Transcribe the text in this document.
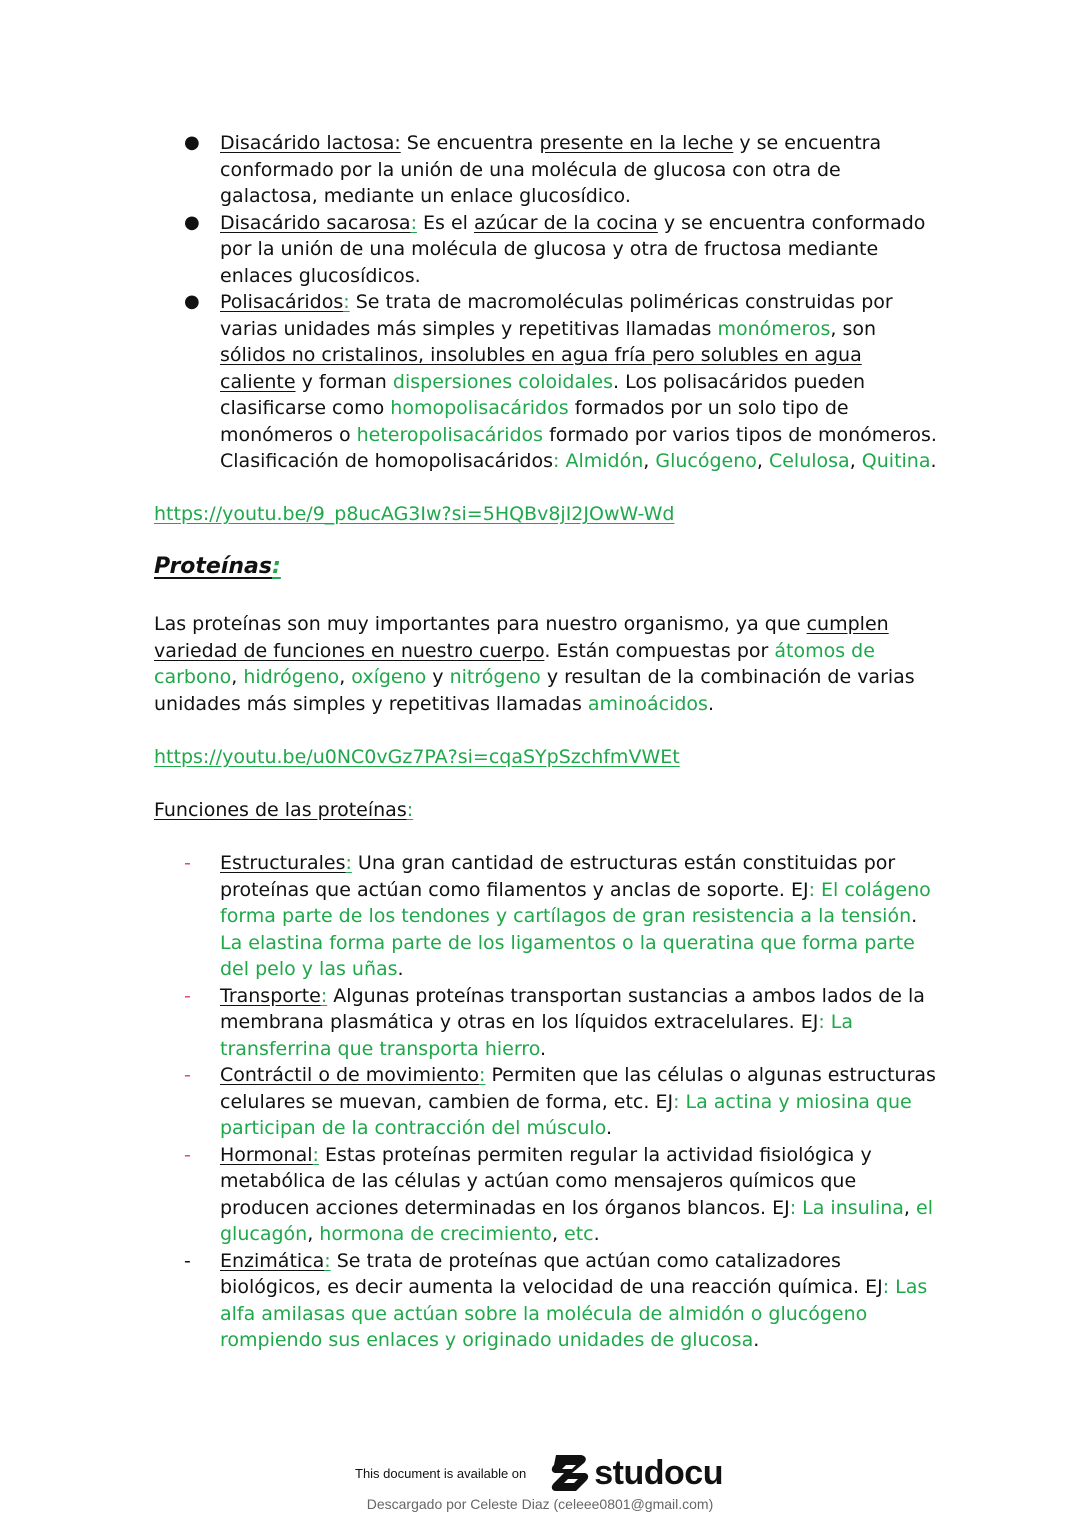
● Disacárido lactosa: Se encuentra presente en la leche y se encuentra conformado por la unión de una molécula de glucosa con otra de galactosa, mediante un enlace glucosídico.
● Disacárido sacarosa: Es el azúcar de la cocina y se encuentra conformado por la unión de una molécula de glucosa y otra de fructosa mediante enlaces glucosídicos.
● Polisacáridos: Se trata de macromoléculas poliméricas construidas por varias unidades más simples y repetitivas llamadas monómeros, son sólidos no cristalinos, insolubles en agua fría pero solubles en agua caliente y forman dispersiones coloidales. Los polisacáridos pueden clasificarse como homopolisacáridos formados por un solo tipo de monómeros o heteropolisacáridos formado por varios tipos de monómeros. Clasificación de homopolisacáridos: Almidón, Glucógeno, Celulosa, Quitina.
https://youtu.be/9_p8ucAG3Iw?si=5HQBv8jI2JOwW-Wd
Proteínas:
Las proteínas son muy importantes para nuestro organismo, ya que cumplen variedad de funciones en nuestro cuerpo. Están compuestas por átomos de carbono, hidrógeno, oxígeno y nitrógeno y resultan de la combinación de varias unidades más simples y repetitivas llamadas aminoácidos.
https://youtu.be/u0NC0vGz7PA?si=cqaSYpSzchfmVWEt
Funciones de las proteínas:
- Estructurales: Una gran cantidad de estructuras están constituidas por proteínas que actúan como filamentos y anclas de soporte. EJ: El colágeno forma parte de los tendones y cartílagos de gran resistencia a la tensión. La elastina forma parte de los ligamentos o la queratina que forma parte del pelo y las uñas.
- Transporte: Algunas proteínas transportan sustancias a ambos lados de la membrana plasmática y otras en los líquidos extracelulares. EJ: La transferrina que transporta hierro.
- Contráctil o de movimiento: Permiten que las células o algunas estructuras celulares se muevan, cambien de forma, etc. EJ: La actina y miosina que participan de la contracción del músculo.
- Hormonal: Estas proteínas permiten regular la actividad fisiológica y metabólica de las células y actúan como mensajeros químicos que producen acciones determinadas en los órganos blancos. EJ: La insulina, el glucagón, hormona de crecimiento, etc.
- Enzimática: Se trata de proteínas que actúan como catalizadores biológicos, es decir aumenta la velocidad de una reacción química. EJ: Las alfa amilasas que actúan sobre la molécula de almidón o glucógeno rompiendo sus enlaces y originado unidades de glucosa.
This document is available on studocu
Descargado por Celeste Diaz (celeee0801@gmail.com)
